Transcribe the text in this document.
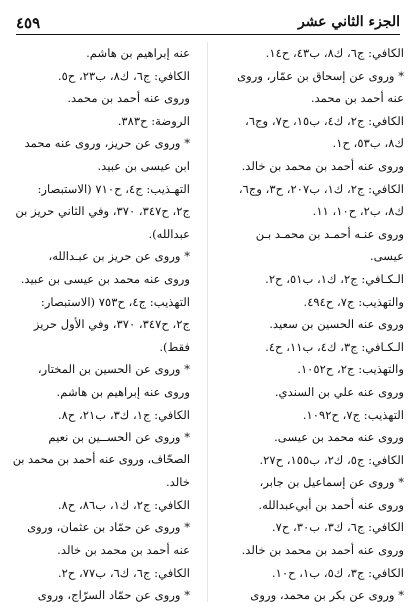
الجزء الثاني عشر
٤٥٩
الكافي: ج٦، ك٨، ب٤٣، ح١٤.
* وروى عن إسحاق بن عمّار، وروى
عنه أحمد بن محمد.
الكافي: ج٢، ك٤، ب١٥، ح٧، وج٦،
ك٨، ب٥٣، ح١.
وروى عنه أحمد بن محمد بن خالد.
الكافي: ج٢، ك١، ب٢٠٧، ح٣، وج٦،
ك٨، ب٢، ح١٠، ١١.
وروى عنـه أحمـد بن محمـد بـن
عيسى.
الـكـافي: ج٢، ك١، ب٥١، ح٢.
والتهذيب: ج٧، ح٤٩٤.
وروى عنه الحسين بن سعيد.
الـكـافي: ج٣، ك٤، ب١١، ح٤.
والتهذيب: ج٢، ح١٠٥٢.
وروى عنه علي بن السندي.
التهذيب: ج٧، ح١٠٩٢.
وروى عنه محمد بن عيسى.
الكافي: ج٥، ك٢، ب١٥٥، ح٢٧.
* وروى عن إسماعيل بن جابر،
وروى عنه أحمد بن أبي‌عبدالله.
الكافي: ج٦، ك٣، ب٣٠، ح٧.
وروى عنه أحمد بن محمد بن خالد.
الكافي: ج٣، ك٥، ب١، ح١٠.
* وروى عن بكر بن محمد، وروى
عنه إبراهيم بن هاشم.
الكافي: ج٦، ك٨، ب٢٣، ح٥.
وروى عنه أحمد بن محمد.
الروضة: ح٣٨٣.
* وروى عن حريز، وروى عنه محمد
ابن عيسى بن عبيد.
التهـذيب: ج٤، ح٧١٠ (الاستبصار:
ج٢، ح٣٤٧، ٣٧٠، وفي الثاني حريز بن
عبدالله).
* وروى عن حريز بن عبـدالله،
وروى عنه محمد بن عيسى بن عبيد.
التهذيب: ج٤، ح٧٥٣ (الاستبصار:
ج٢، ح٣٤٧، ٣٧٠، وفي الأول حريز
فقط).
* وروى عن الحسين بن المختار،
وروى عنه إبراهيم بن هاشم.
الكافي: ج١، ك٣، ب٢١، ح٨.
* وروى عن الحســين بن نعيم
الصحّاف، وروى عنه أحمد بن محمد بن
خالد.
الكافي: ج٢، ك١، ب٨٦، ح٨.
* وروى عن حمّاد بن عثمان، وروى
عنه أحمد بن محمد بن خالد.
الكافي: ج٦، ك٦، ب٧٧، ح٢.
* وروى عن حمّاد السرّاج، وروى
